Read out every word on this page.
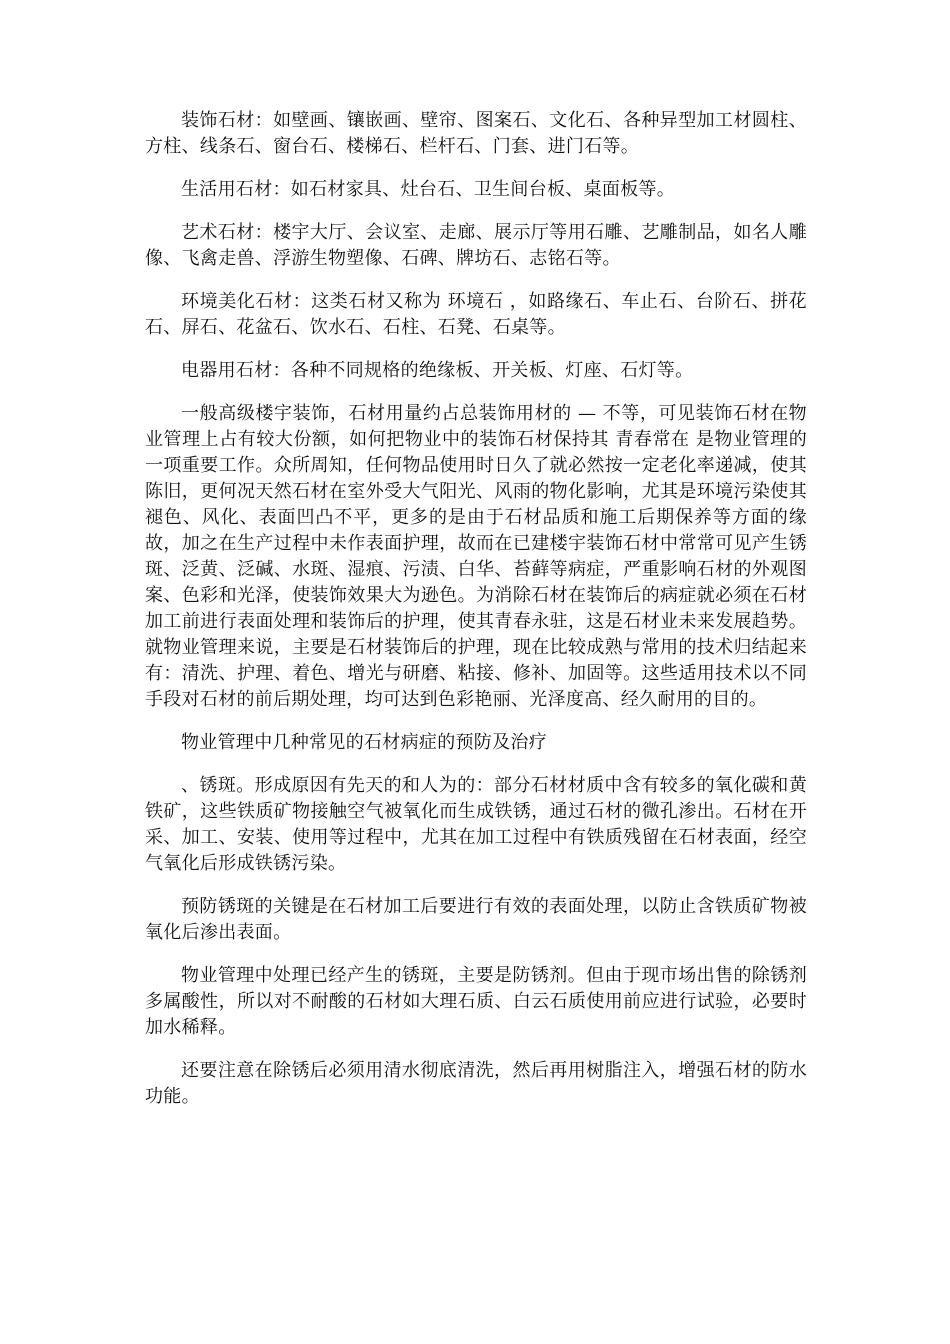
装饰石材：如壁画、镶嵌画、壁帘、图案石、文化石、各种异型加工材圆柱、方柱、线条石、窗台石、楼梯石、栏杆石、门套、进门石等。

生活用石材：如石材家具、灶台石、卫生间台板、桌面板等。

艺术石材：楼宇大厅、会议室、走廊、展示厅等用石雕、艺雕制品，如名人雕像、飞禽走兽、浮游生物塑像、石碑、牌坊石、志铭石等。

环境美化石材：这类石材又称为 环境石 ，如路缘石、车止石、台阶石、拼花石、屏石、花盆石、饮水石、石柱、石凳、石桌等。

电器用石材：各种不同规格的绝缘板、开关板、灯座、石灯等。

一般高级楼宇装饰，石材用量约占总装饰用材的 — 不等，可见装饰石材在物业管理上占有较大份额，如何把物业中的装饰石材保持其 青春常在 是物业管理的一项重要工作。众所周知，任何物品使用时日久了就必然按一定老化率递减，使其陈旧，更何况天然石材在室外受大气阳光、风雨的物化影响，尤其是环境污染使其褪色、风化、表面凹凸不平，更多的是由于石材品质和施工后期保养等方面的缘故，加之在生产过程中未作表面护理，故而在已建楼宇装饰石材中常常可见产生锈斑、泛黄、泛碱、水斑、湿痕、污渍、白华、苔藓等病症，严重影响石材的外观图案、色彩和光泽，使装饰效果大为逊色。为消除石材在装饰后的病症就必须在石材加工前进行表面处理和装饰后的护理，使其青春永驻，这是石材业未来发展趋势。就物业管理来说，主要是石材装饰后的护理，现在比较成熟与常用的技术归结起来有：清洗、护理、着色、增光与研磨、粘接、修补、加固等。这些适用技术以不同手段对石材的前后期处理，均可达到色彩艳丽、光泽度高、经久耐用的目的。

物业管理中几种常见的石材病症的预防及治疗

、锈斑。形成原因有先天的和人为的：部分石材材质中含有较多的氧化碳和黄铁矿，这些铁质矿物接触空气被氧化而生成铁锈，通过石材的微孔渗出。石材在开采、加工、安装、使用等过程中，尤其在加工过程中有铁质残留在石材表面，经空气氧化后形成铁锈污染。

预防锈斑的关键是在石材加工后要进行有效的表面处理，以防止含铁质矿物被氧化后渗出表面。

物业管理中处理已经产生的锈斑，主要是防锈剂。但由于现市场出售的除锈剂多属酸性，所以对不耐酸的石材如大理石质、白云石质使用前应进行试验，必要时加水稀释。

还要注意在除锈后必须用清水彻底清洗，然后再用树脂注入，增强石材的防水功能。
